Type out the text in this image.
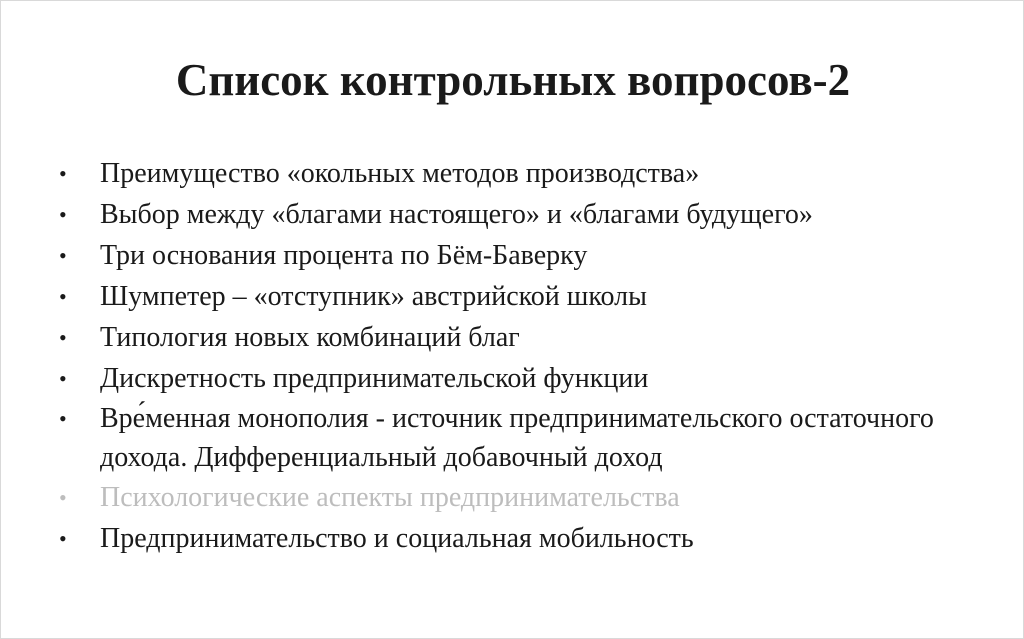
Список контрольных вопросов-2
•	Преимущество «окольных методов производства»
•	Выбор между «благами настоящего» и «благами будущего»
•	Три основания процента по Бём-Баверку
•	Шумпетер – «отступник» австрийской школы
•	Типология новых комбинаций благ
•	Дискретность предпринимательской функции
•	Вре́менная монополия - источник предпринимательского остаточного дохода. Дифференциальный добавочный доход
•	Психологические аспекты предпринимательства
•	Предпринимательство и социальная мобильность
